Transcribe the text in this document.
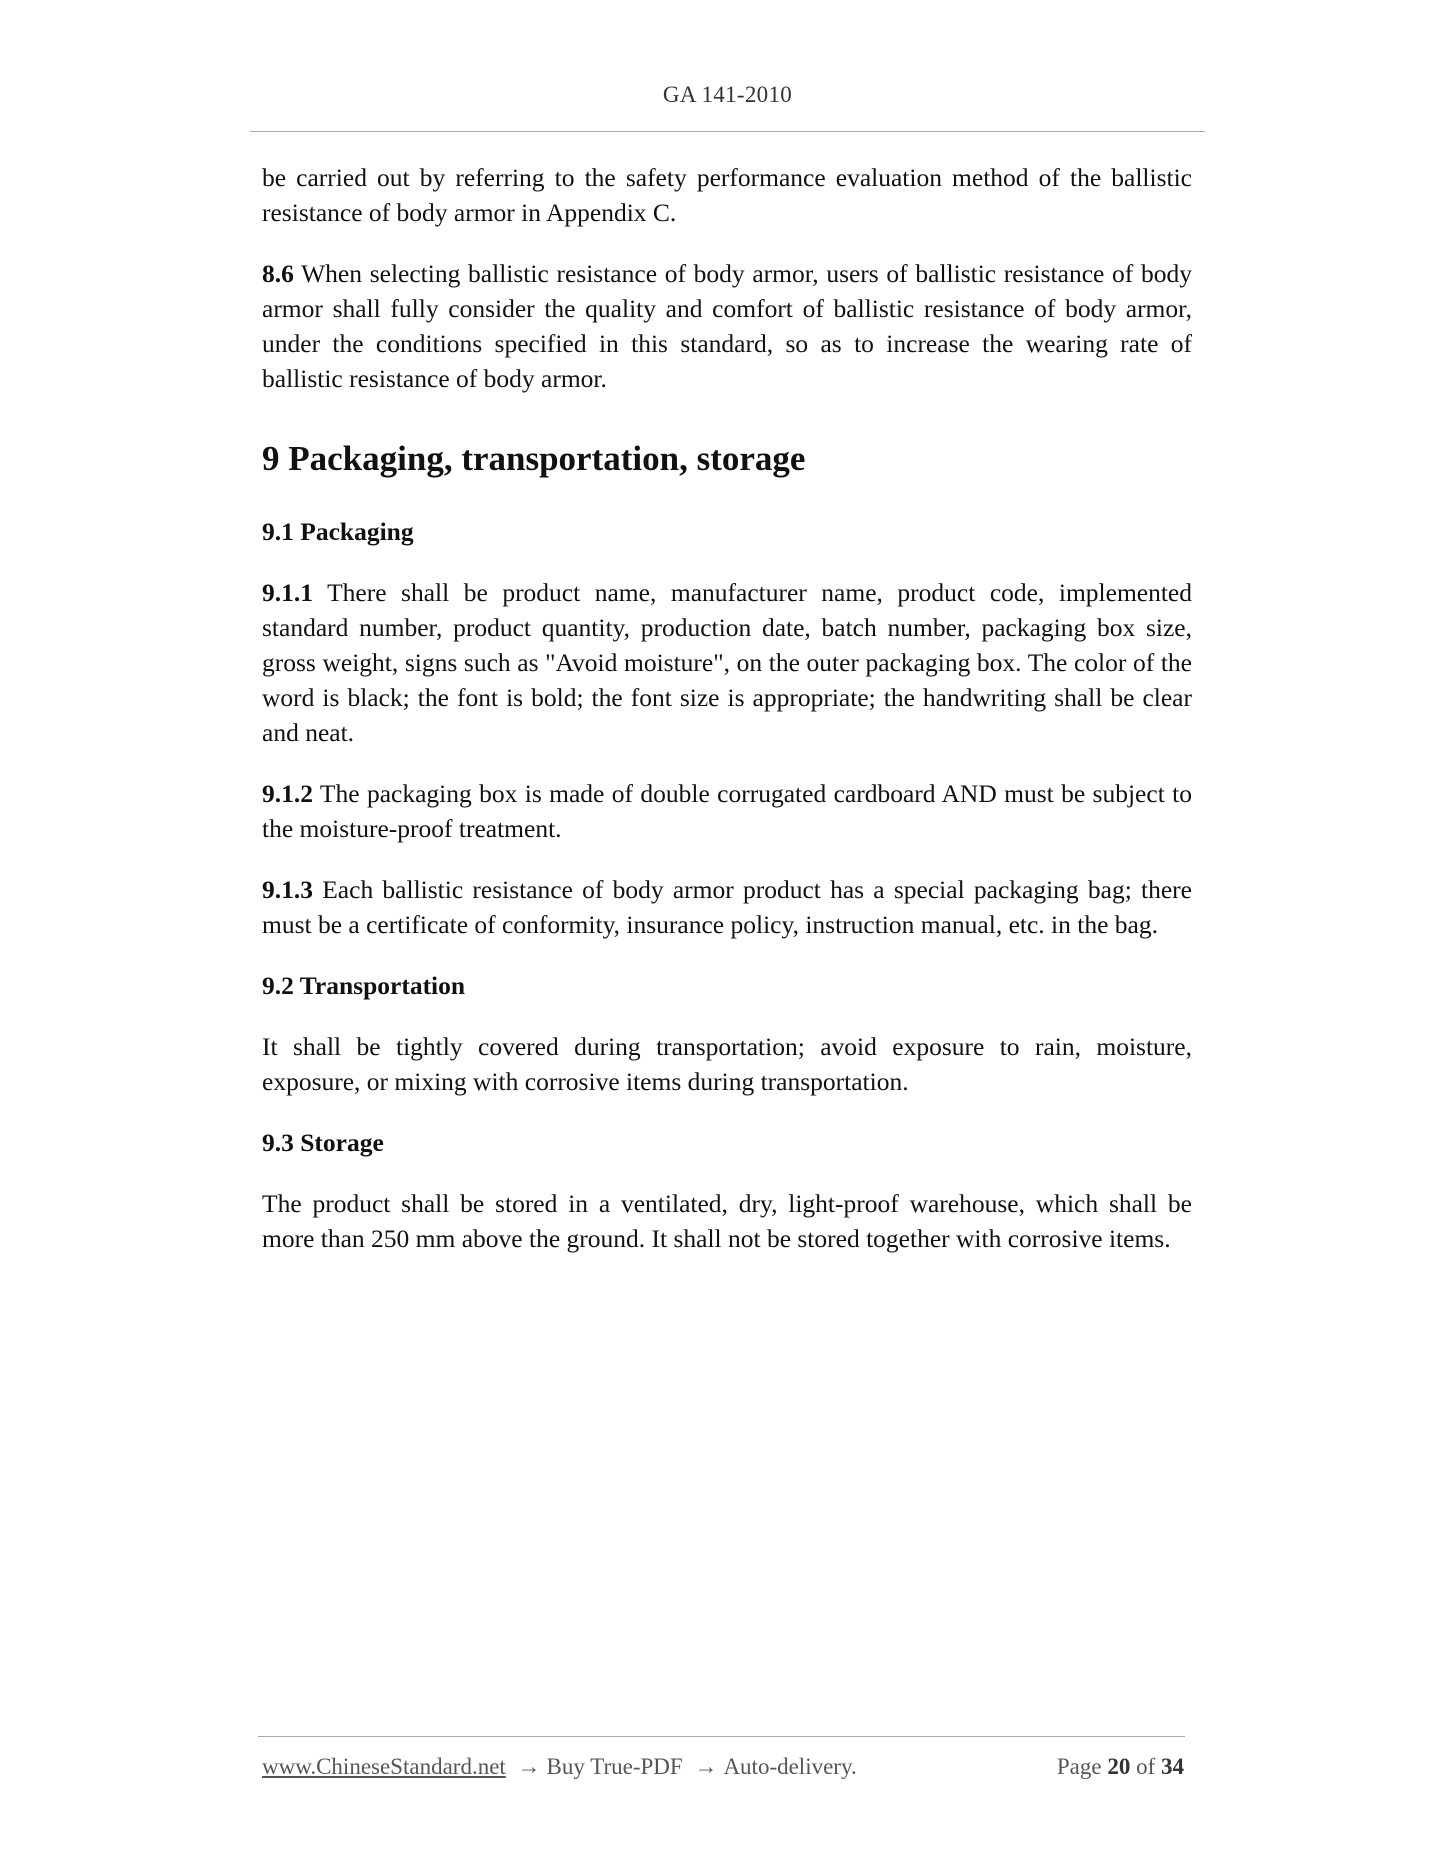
GA 141-2010

be carried out by referring to the safety performance evaluation method of the ballistic resistance of body armor in Appendix C.

8.6 When selecting ballistic resistance of body armor, users of ballistic resistance of body armor shall fully consider the quality and comfort of ballistic resistance of body armor, under the conditions specified in this standard, so as to increase the wearing rate of ballistic resistance of body armor.

9 Packaging, transportation, storage
9.1 Packaging

9.1.1 There shall be product name, manufacturer name, product code, implemented standard number, product quantity, production date, batch number, packaging box size, gross weight, signs such as "Avoid moisture", on the outer packaging box. The color of the word is black; the font is bold; the font size is appropriate; the handwriting shall be clear and neat.

9.1.2 The packaging box is made of double corrugated cardboard AND must be subject to the moisture-proof treatment.

9.1.3 Each ballistic resistance of body armor product has a special packaging bag; there must be a certificate of conformity, insurance policy, instruction manual, etc. in the bag.

9.2 Transportation

It shall be tightly covered during transportation; avoid exposure to rain, moisture, exposure, or mixing with corrosive items during transportation.

9.3 Storage

The product shall be stored in a ventilated, dry, light-proof warehouse, which shall be more than 250 mm above the ground. It shall not be stored together with corrosive items.

www.ChineseStandard.net → Buy True-PDF → Auto-delivery.	Page 20 of 34
